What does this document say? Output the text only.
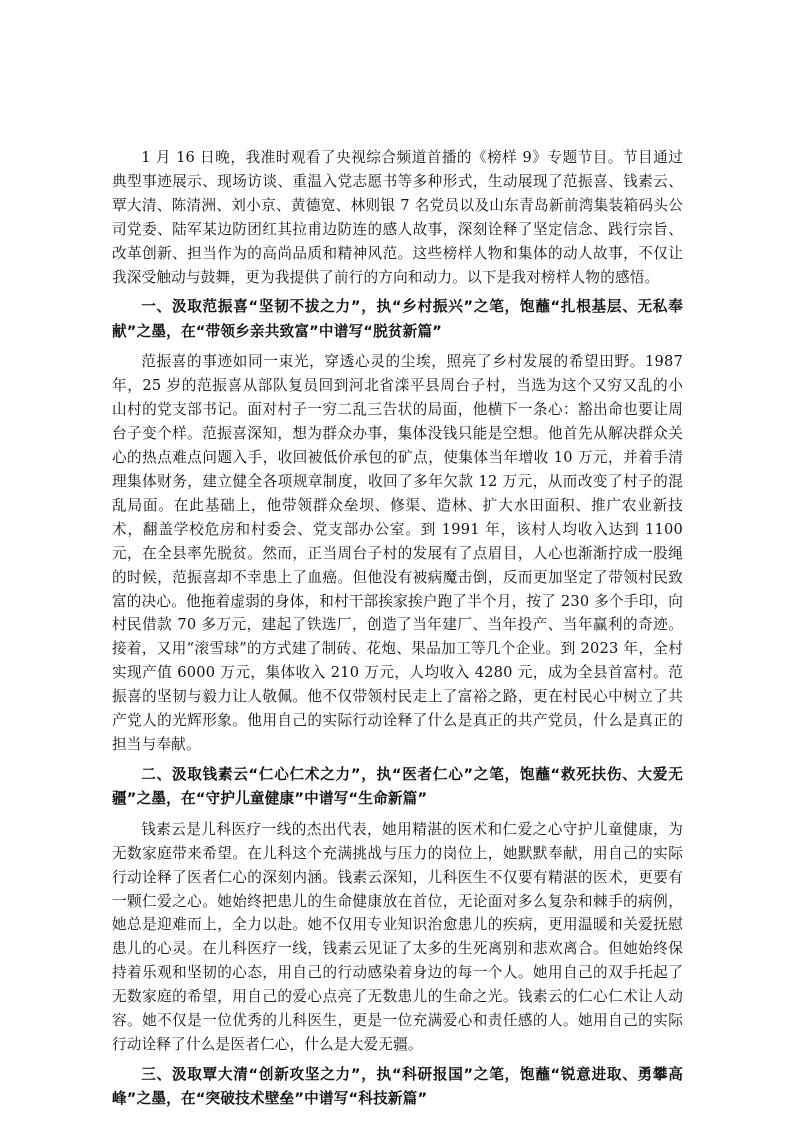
1 月 16 日晚，我准时观看了央视综合频道首播的《榜样 9》专题节目。节目通过典型事迹展示、现场访谈、重温入党志愿书等多种形式，生动展现了范振喜、钱素云、覃大清、陈清洲、刘小京、黄德宽、林则银 7 名党员以及山东青岛新前湾集装箱码头公司党委、陆军某边防团红其拉甫边防连的感人故事，深刻诠释了坚定信念、践行宗旨、改革创新、担当作为的高尚品质和精神风范。这些榜样人物和集体的动人故事，不仅让我深受触动与鼓舞，更为我提供了前行的方向和动力。以下是我对榜样人物的感悟。

一、汲取范振喜“坚韧不拔之力”，执“乡村振兴”之笔，饱蘸“扎根基层、无私奉献”之墨，在“带领乡亲共致富”中谱写“脱贫新篇”

范振喜的事迹如同一束光，穿透心灵的尘埃，照亮了乡村发展的希望田野。1987 年，25 岁的范振喜从部队复员回到河北省滦平县周台子村，当选为这个又穷又乱的小山村的党支部书记。面对村子一穷二乱三告状的局面，他横下一条心：豁出命也要让周台子变个样。范振喜深知，想为群众办事，集体没钱只能是空想。他首先从解决群众关心的热点难点问题入手，收回被低价承包的矿点，使集体当年增收 10 万元，并着手清理集体财务，建立健全各项规章制度，收回了多年欠款 12 万元，从而改变了村子的混乱局面。在此基础上，他带领群众垒坝、修渠、造林、扩大水田面积、推广农业新技术，翻盖学校危房和村委会、党支部办公室。到 1991 年，该村人均收入达到 1100 元，在全县率先脱贫。然而，正当周台子村的发展有了点眉目，人心也渐渐拧成一股绳的时候，范振喜却不幸患上了血癌。但他没有被病魔击倒，反而更加坚定了带领村民致富的决心。他拖着虚弱的身体，和村干部挨家挨户跑了半个月，按了 230 多个手印，向村民借款 70 多万元，建起了铁选厂，创造了当年建厂、当年投产、当年赢利的奇迹。接着，又用“滚雪球”的方式建了制砖、花炮、果品加工等几个企业。到 2023 年，全村实现产值 6000 万元，集体收入 210 万元，人均收入 4280 元，成为全县首富村。范振喜的坚韧与毅力让人敬佩。他不仅带领村民走上了富裕之路，更在村民心中树立了共产党人的光辉形象。他用自己的实际行动诠释了什么是真正的共产党员，什么是真正的担当与奉献。

二、汲取钱素云“仁心仁术之力”，执“医者仁心”之笔，饱蘸“救死扶伤、大爱无疆”之墨，在“守护儿童健康”中谱写“生命新篇”

钱素云是儿科医疗一线的杰出代表，她用精湛的医术和仁爱之心守护儿童健康，为无数家庭带来希望。在儿科这个充满挑战与压力的岗位上，她默默奉献，用自己的实际行动诠释了医者仁心的深刻内涵。钱素云深知，儿科医生不仅要有精湛的医术，更要有一颗仁爱之心。她始终把患儿的生命健康放在首位，无论面对多么复杂和棘手的病例，她总是迎难而上，全力以赴。她不仅用专业知识治愈患儿的疾病，更用温暖和关爱抚慰患儿的心灵。在儿科医疗一线，钱素云见证了太多的生死离别和悲欢离合。但她始终保持着乐观和坚韧的心态，用自己的行动感染着身边的每一个人。她用自己的双手托起了无数家庭的希望，用自己的爱心点亮了无数患儿的生命之光。钱素云的仁心仁术让人动容。她不仅是一位优秀的儿科医生，更是一位充满爱心和责任感的人。她用自己的实际行动诠释了什么是医者仁心，什么是大爱无疆。

三、汲取覃大清“创新攻坚之力”，执“科研报国”之笔，饱蘸“锐意进取、勇攀高峰”之墨，在“突破技术壁垒”中谱写“科技新篇”
